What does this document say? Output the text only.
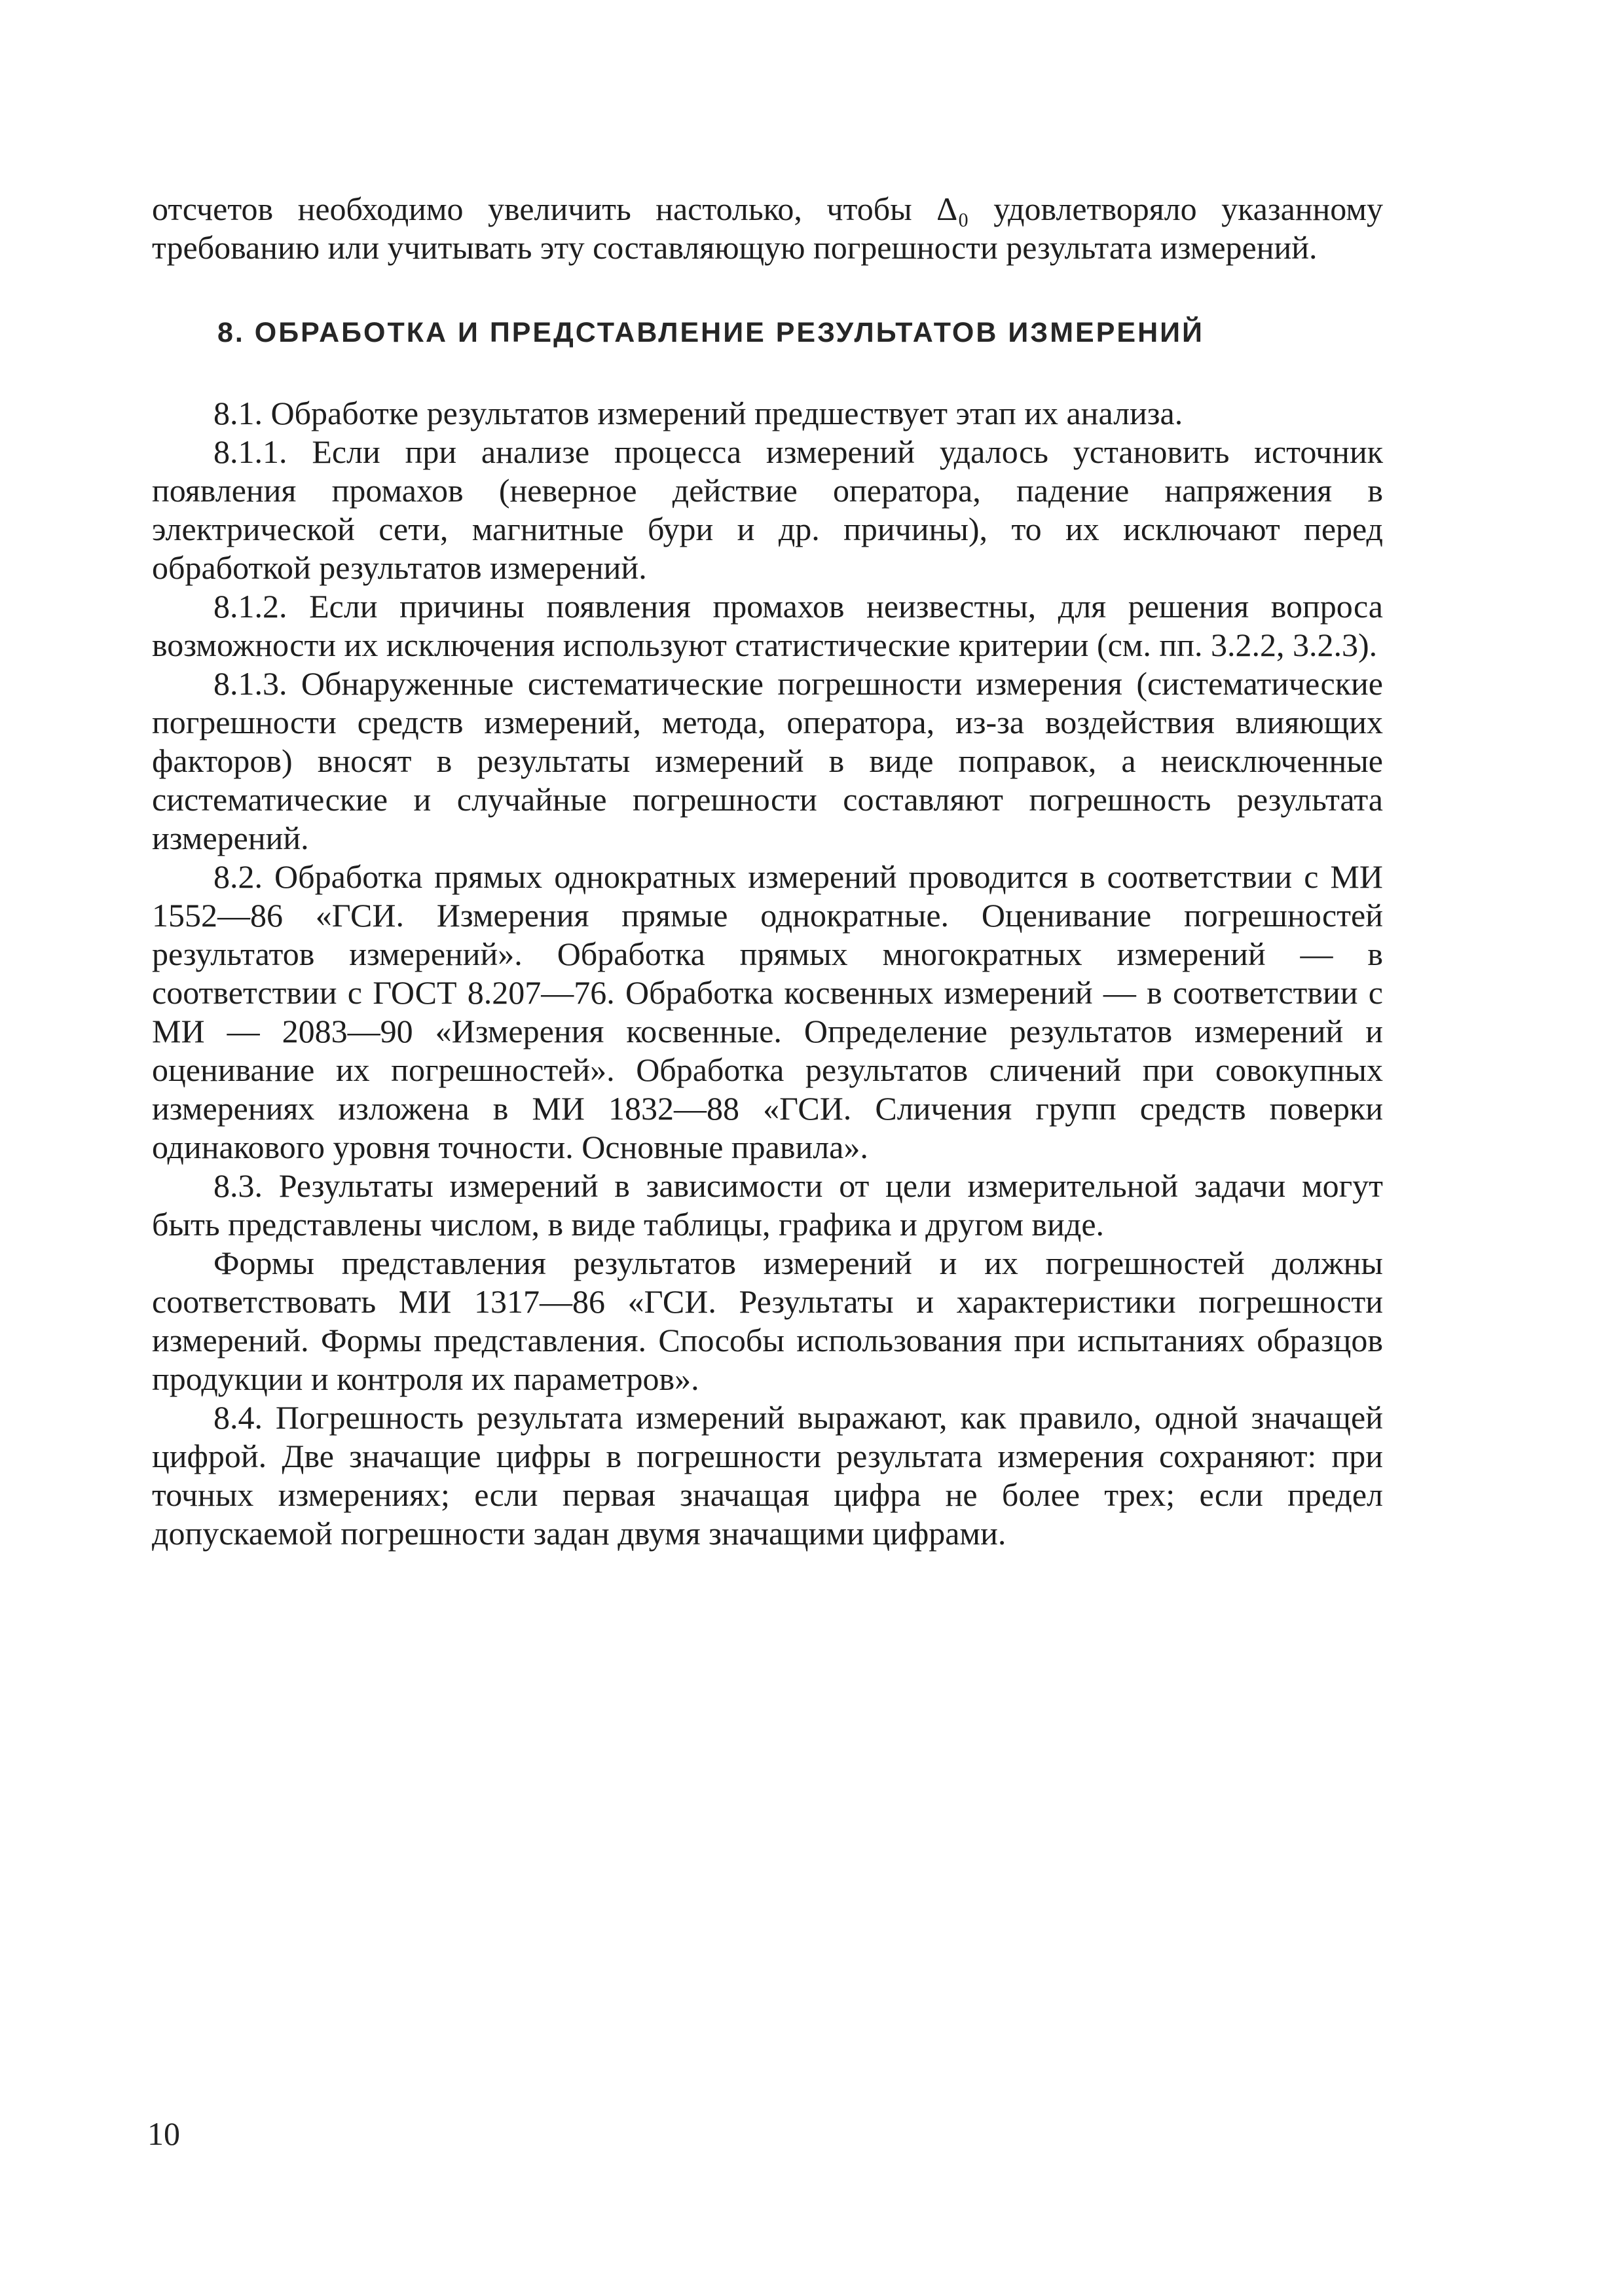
отсчетов необходимо увеличить настолько, чтобы Δ₀ удовлетворяло указанному требованию или учитывать эту составляющую погрешности результата измерений.

8. ОБРАБОТКА И ПРЕДСТАВЛЕНИЕ РЕЗУЛЬТАТОВ ИЗМЕРЕНИЙ

8.1. Обработке результатов измерений предшествует этап их анализа.

8.1.1. Если при анализе процесса измерений удалось установить источник появления промахов (неверное действие оператора, падение напряжения в электрической сети, магнитные бури и др. причины), то их исключают перед обработкой результатов измерений.

8.1.2. Если причины появления промахов неизвестны, для решения вопроса возможности их исключения используют статистические критерии (см. пп. 3.2.2, 3.2.3).

8.1.3. Обнаруженные систематические погрешности измерения (систематические погрешности средств измерений, метода, оператора, из-за воздействия влияющих факторов) вносят в результаты измерений в виде поправок, а неисключенные систематические и случайные погрешности составляют погрешность результата измерений.

8.2. Обработка прямых однократных измерений проводится в соответствии с МИ 1552—86 «ГСИ. Измерения прямые однократные. Оценивание погрешностей результатов измерений». Обработка прямых многократных измерений — в соответствии с ГОСТ 8.207—76. Обработка косвенных измерений — в соответствии с МИ — 2083—90 «Измерения косвенные. Определение результатов измерений и оценивание их погрешностей». Обработка результатов сличений при совокупных измерениях изложена в МИ 1832—88 «ГСИ. Сличения групп средств поверки одинакового уровня точности. Основные правила».

8.3. Результаты измерений в зависимости от цели измерительной задачи могут быть представлены числом, в виде таблицы, графика и другом виде.

Формы представления результатов измерений и их погрешностей должны соответствовать МИ 1317—86 «ГСИ. Результаты и характеристики погрешности измерений. Формы представления. Способы использования при испытаниях образцов продукции и контроля их параметров».

8.4. Погрешность результата измерений выражают, как правило, одной значащей цифрой. Две значащие цифры в погрешности результата измерения сохраняют: при точных измерениях; если первая значащая цифра не более трех; если предел допускаемой погрешности задан двумя значащими цифрами.

10
